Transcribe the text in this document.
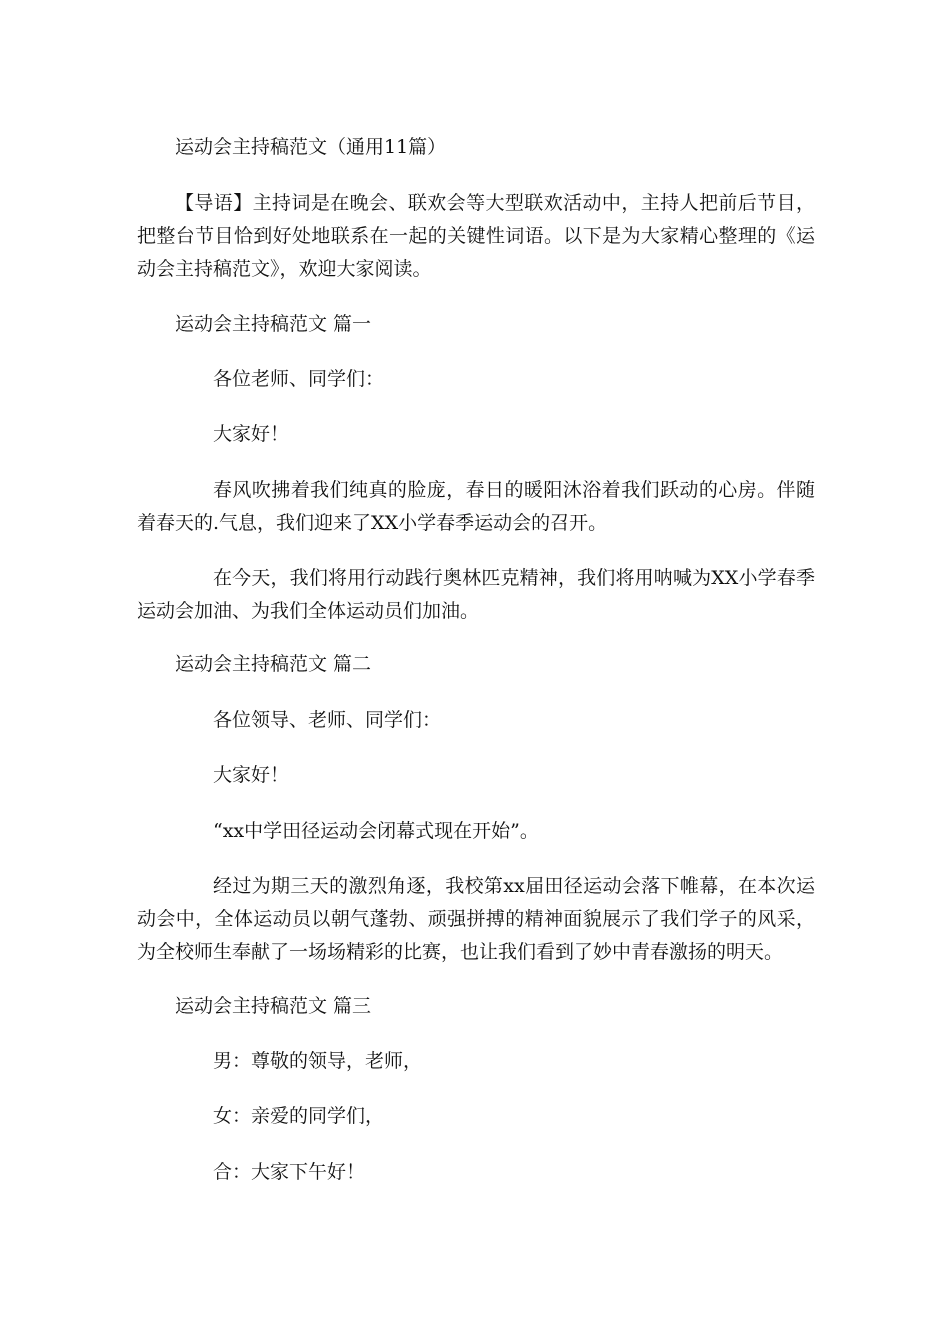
运动会主持稿范文（通用11篇）
【导语】主持词是在晚会、联欢会等大型联欢活动中，主持人把前后节目，把整台节目恰到好处地联系在一起的关键性词语。以下是为大家精心整理的《运动会主持稿范文》，欢迎大家阅读。
运动会主持稿范文 篇一
各位老师、同学们：
大家好！
春风吹拂着我们纯真的脸庞，春日的暖阳沐浴着我们跃动的心房。伴随着春天的.气息，我们迎来了XX小学春季运动会的召开。
在今天，我们将用行动践行奥林匹克精神，我们将用呐喊为XX小学春季运动会加油、为我们全体运动员们加油。
运动会主持稿范文 篇二
各位领导、老师、同学们：
大家好！
“xx中学田径运动会闭幕式现在开始”。
经过为期三天的激烈角逐，我校第xx届田径运动会落下帷幕，在本次运动会中，全体运动员以朝气蓬勃、顽强拼搏的精神面貌展示了我们学子的风采，为全校师生奉献了一场场精彩的比赛，也让我们看到了妙中青春激扬的明天。
运动会主持稿范文 篇三
男：尊敬的领导，老师，
女：亲爱的同学们，
合：大家下午好！
